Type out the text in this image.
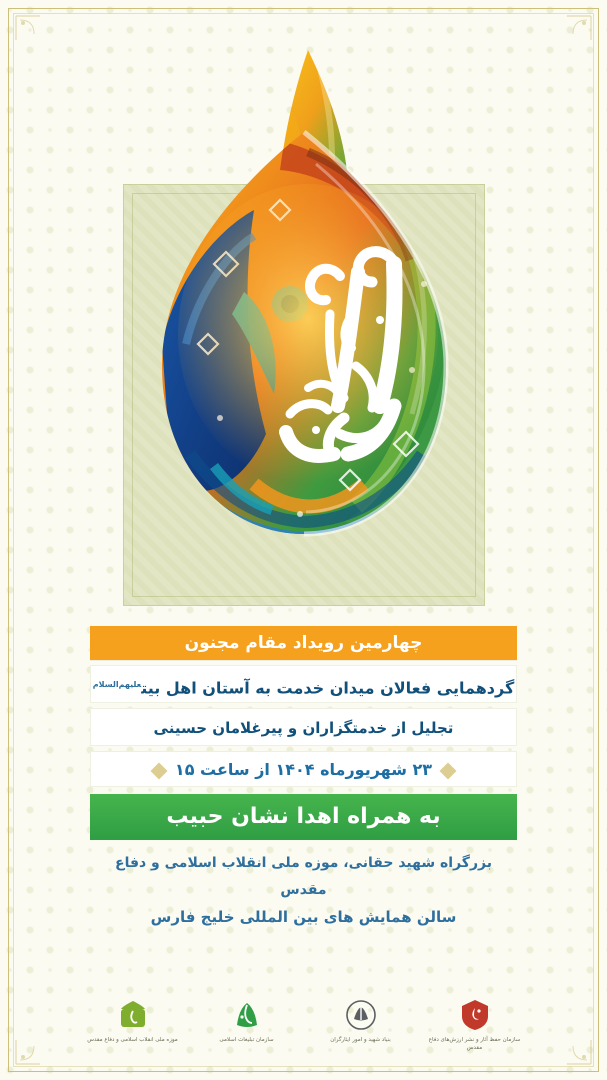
چهارمین رویداد مقام مجنون
گردهمایی فعالان میدان خدمت به آستان اهل بیت$^{علیهم‌السلام}$
تجلیل از خدمتگزاران و پیرغلامان حسینی
۲۳ شهریورماه ۱۴۰۴ از ساعت ۱۵
به همراه اهدا نشان حبیب
بزرگراه شهید حقانی، موزه ملی انقلاب اسلامی و دفاع مقدس
سالن همایش های بین المللی خلیج فارس
سازمان حفظ آثار و نشر ارزش‌های دفاع مقدس
بنیاد شهید و امور ایثارگران
سازمان تبلیغات اسلامی
موزه ملی انقلاب اسلامی و دفاع مقدس
